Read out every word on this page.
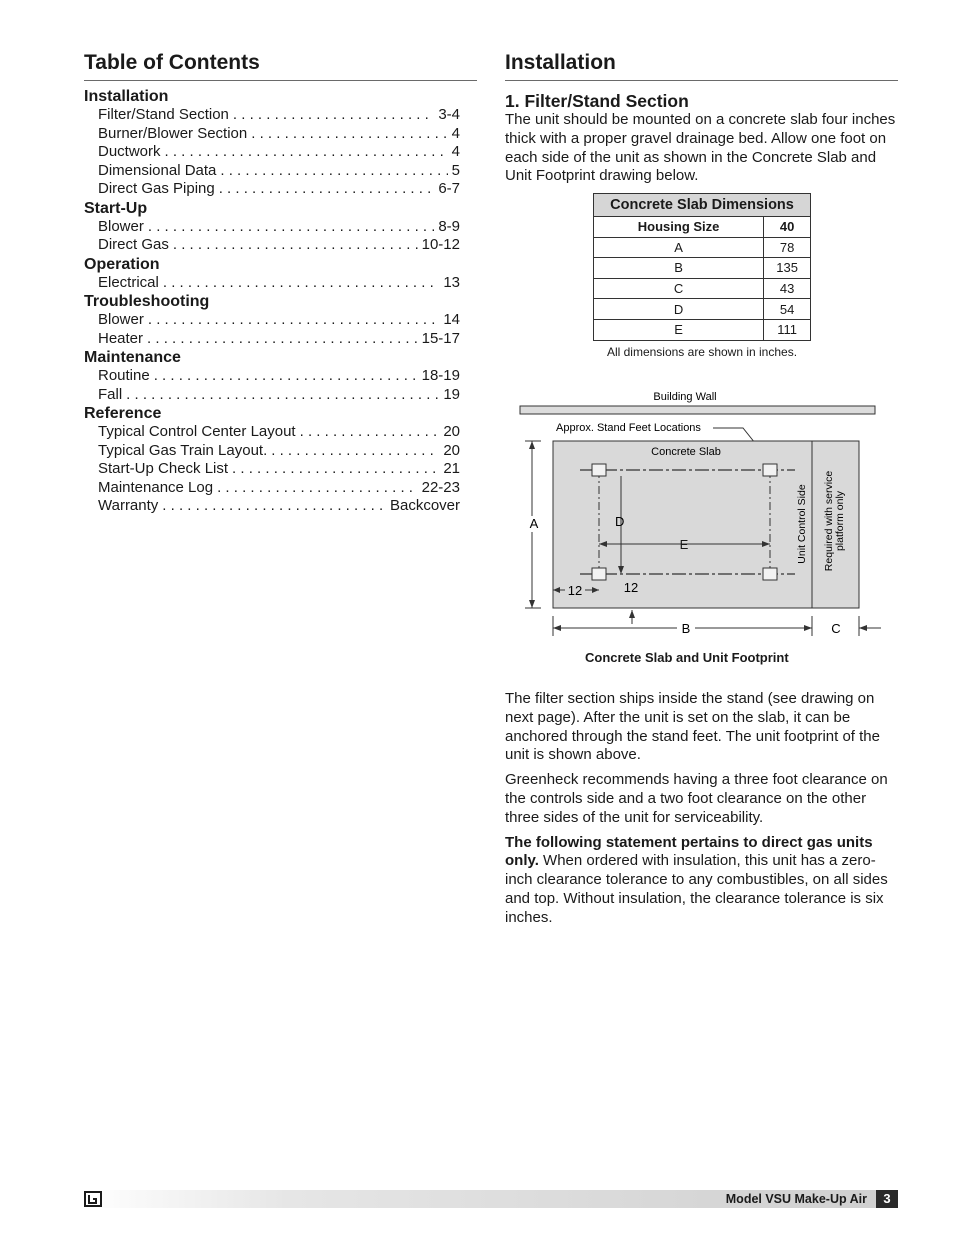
Table of Contents
Installation
Filter/Stand Section . . .	3-4
Burner/Blower Section . . .	4
Ductwork . . .	4
Dimensional Data . . .	5
Direct Gas Piping . . .	6-7
Start-Up
Blower . . .	8-9
Direct Gas . . .	10-12
Operation
Electrical . . .	13
Troubleshooting
Blower . . .	14
Heater . . .	15-17
Maintenance
Routine . . .	18-19
Fall . . .	19
Reference
Typical Control Center Layout . . .	20
Typical Gas Train Layout. . . .	20
Start-Up Check List . . .	21
Maintenance Log . . .	22-23
Warranty . . .	Backcover
Installation
1. Filter/Stand Section

The unit should be mounted on a concrete slab four inches thick with a proper gravel drainage bed. Allow one foot on each side of the unit as shown in the Concrete Slab and Unit Footprint drawing below.

Concrete Slab Dimensions	
Housing Size	40
A	78
B	135
C	43
D	54
E	111
All dimensions are shown in inches.
Building Wall
Approx. Stand Feet Locations
Concrete Slab
D
E
12	12
Unit Control Side Required with service platform only
A
B	C
Concrete Slab and Unit Footprint

The filter section ships inside the stand (see drawing on next page). After the unit is set on the slab, it can be anchored through the stand feet. The unit footprint of the unit is shown above.

Greenheck recommends having a three foot clearance on the controls side and a two foot clearance on the other three sides of the unit for serviceability.

The following statement pertains to direct gas units only. When ordered with insulation, this unit has a zero-inch clearance tolerance to any combustibles, on all sides and top. Without insulation, the clearance tolerance is six inches.

Model VSU Make-Up Air	3
